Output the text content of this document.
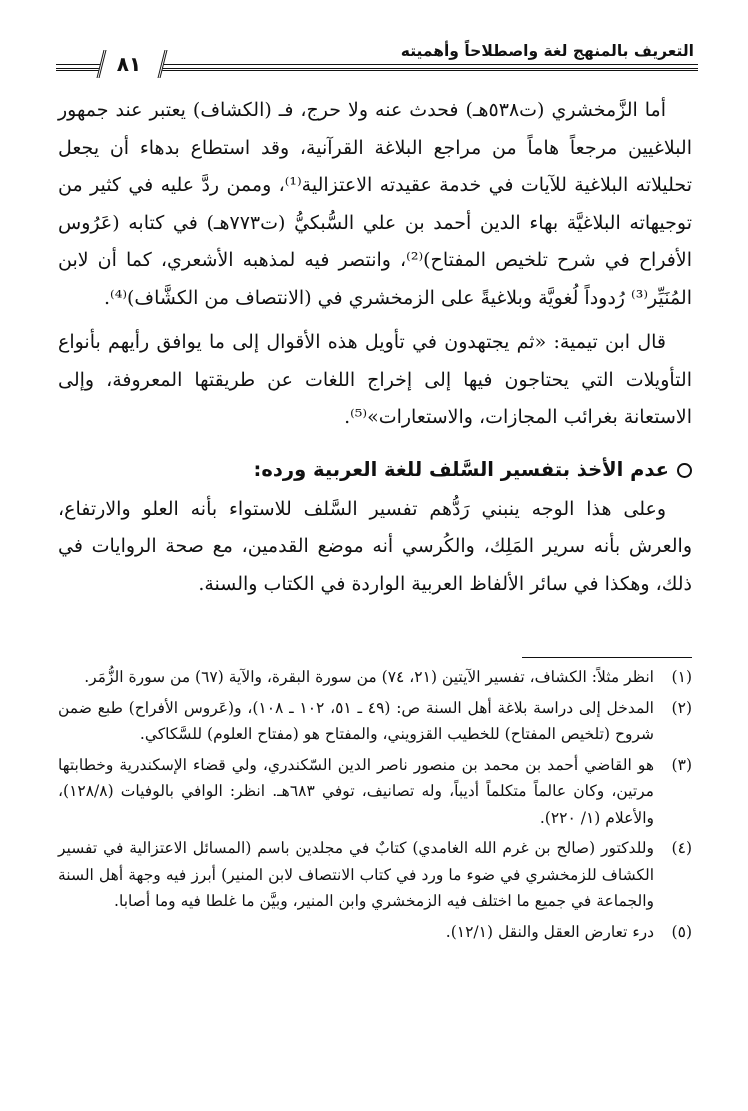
التعريف بالمنهج لغة واصطلاحاً وأهميته
٨١

أما الزَّمخشري (ت٥٣٨هـ) فحدث عنه ولا حرج، فـ (الكشاف) يعتبر عند جمهور البلاغيين مرجعاً هاماً من مراجع البلاغة القرآنية، وقد استطاع بدهاء أن يجعل تحليلاته البلاغية للآيات في خدمة عقيدته الاعتزالية⁽¹⁾، وممن ردَّ عليه في كثير من توجيهاته البلاغيَّة بهاء الدين أحمد بن علي السُّبكيُّ (ت٧٧٣هـ) في كتابه (عَرُوس الأفراح في شرح تلخيص المفتاح)⁽²⁾، وانتصر فيه لمذهبه الأشعري، كما أن لابن المُنَيِّر⁽³⁾ رُدوداً لُغويَّة وبلاغيةً على الزمخشري في (الانتصاف من الكشَّاف)⁽⁴⁾.

قال ابن تيمية: «ثم يجتهدون في تأويل هذه الأقوال إلى ما يوافق رأيهم بأنواع التأويلات التي يحتاجون فيها إلى إخراج اللغات عن طريقتها المعروفة، وإلى الاستعانة بغرائب المجازات، والاستعارات»⁽⁵⁾.

عدم الأخذ بتفسير السَّلف للغة العربية ورده:

وعلى هذا الوجه ينبني رَدُّهم تفسير السَّلف للاستواء بأنه العلو والارتفاع، والعرش بأنه سرير المَلِك، والكُرسي أنه موضع القدمين، مع صحة الروايات في ذلك، وهكذا في سائر الألفاظ العربية الواردة في الكتاب والسنة.

(١)
انظر مثلاً: الكشاف، تفسير الآيتين (٢١، ٧٤) من سورة البقرة، والآية (٦٧) من سورة الزُّمَر.
(٢)
المدخل إلى دراسة بلاغة أهل السنة ص: (٤٩ ـ ٥١، ١٠٢ ـ ١٠٨)، و(عَروس الأفراح) طبع ضمن شروح (تلخيص المفتاح) للخطيب القزويني، والمفتاح هو (مفتاح العلوم) للسَّكاكي.
(٣)
هو القاضي أحمد بن محمد بن منصور ناصر الدين السّكندري، ولي قضاء الإسكندرية وخطابتها مرتين، وكان عالماً متكلماً أديباً، وله تصانيف، توفي ٦٨٣هـ. انظر: الوافي بالوفيات (١٢٨/٨)، والأعلام (١/ ٢٢٠).
(٤)
وللدكتور (صالح بن غرم الله الغامدي) كتابٌ في مجلدين باسم (المسائل الاعتزالية في تفسير الكشاف للزمخشري في ضوء ما ورد في كتاب الانتصاف لابن المنير) أبرز فيه وجهة أهل السنة والجماعة في جميع ما اختلف فيه الزمخشري وابن المنير، وبيَّن ما غلطا فيه وما أصابا.
(٥)
درء تعارض العقل والنقل (١٢/١).
